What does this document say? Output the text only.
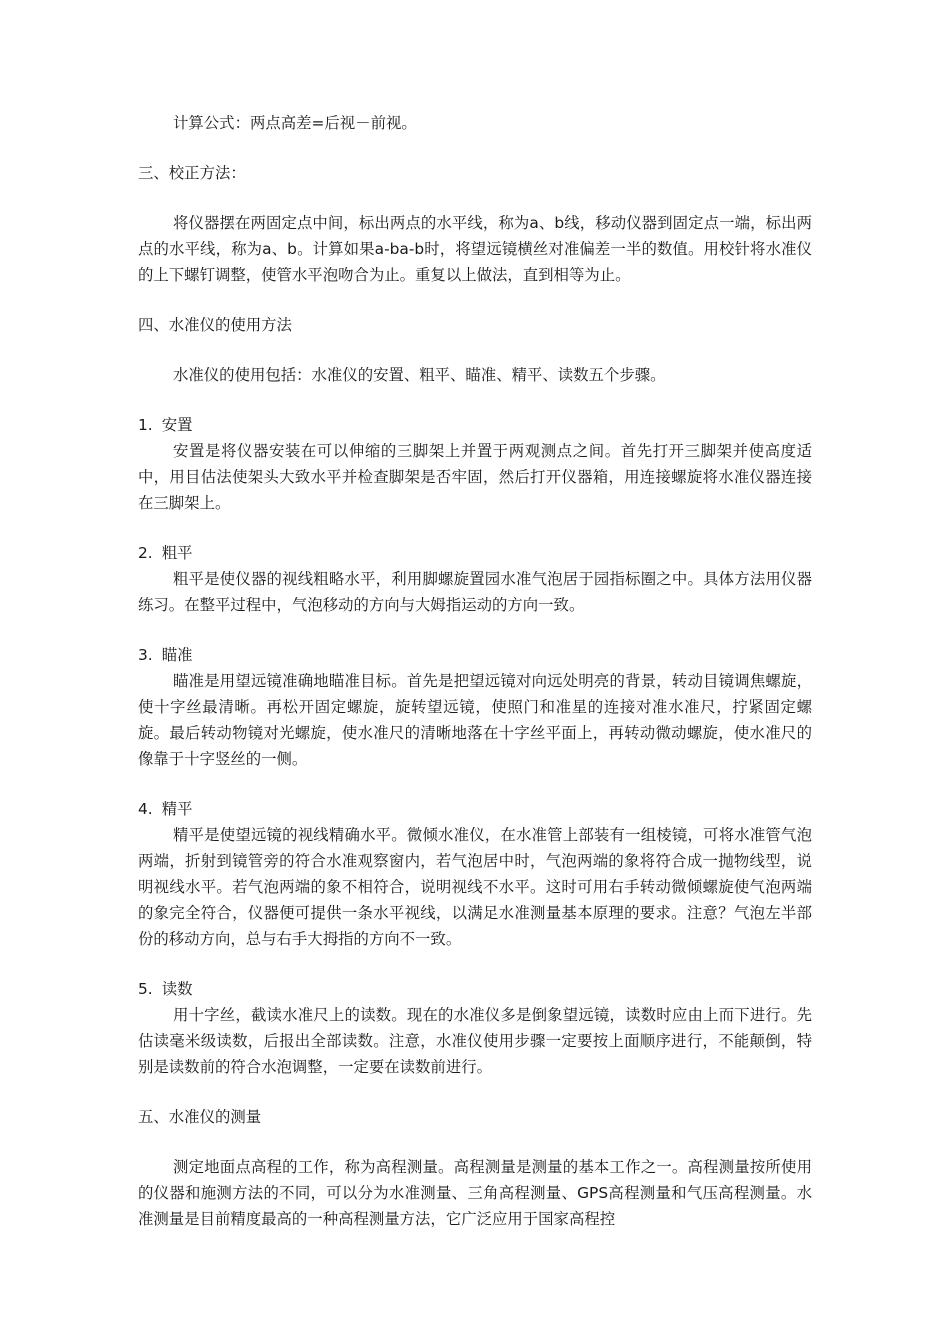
计算公式：两点高差=后视－前视。

三、校正方法：

将仪器摆在两固定点中间，标出两点的水平线，称为a、b线，移动仪器到固定点一端，标出两点的水平线，称为a、b。计算如果a-ba-b时，将望远镜横丝对准偏差一半的数值。用校针将水准仪的上下螺钉调整，使管水平泡吻合为止。重复以上做法，直到相等为止。

四、水准仪的使用方法

水准仪的使用包括：水准仪的安置、粗平、瞄准、精平、读数五个步骤。

1. 安置

安置是将仪器安装在可以伸缩的三脚架上并置于两观测点之间。首先打开三脚架并使高度适中，用目估法使架头大致水平并检查脚架是否牢固，然后打开仪器箱，用连接螺旋将水准仪器连接在三脚架上。

2. 粗平

粗平是使仪器的视线粗略水平，利用脚螺旋置园水准气泡居于园指标圈之中。具体方法用仪器练习。在整平过程中，气泡移动的方向与大姆指运动的方向一致。

3. 瞄准

瞄准是用望远镜准确地瞄准目标。首先是把望远镜对向远处明亮的背景，转动目镜调焦螺旋，使十字丝最清晰。再松开固定螺旋，旋转望远镜，使照门和准星的连接对准水准尺，拧紧固定螺旋。最后转动物镜对光螺旋，使水准尺的清晰地落在十字丝平面上，再转动微动螺旋，使水准尺的像靠于十字竖丝的一侧。

4. 精平

精平是使望远镜的视线精确水平。微倾水准仪，在水准管上部装有一组棱镜，可将水准管气泡两端，折射到镜管旁的符合水准观察窗内，若气泡居中时，气泡两端的象将符合成一抛物线型，说明视线水平。若气泡两端的象不相符合，说明视线不水平。这时可用右手转动微倾螺旋使气泡两端的象完全符合，仪器便可提供一条水平视线，以满足水准测量基本原理的要求。注意？气泡左半部份的移动方向，总与右手大拇指的方向不一致。

5. 读数

用十字丝，截读水准尺上的读数。现在的水准仪多是倒象望远镜，读数时应由上而下进行。先估读毫米级读数，后报出全部读数。注意，水准仪使用步骤一定要按上面顺序进行，不能颠倒，特别是读数前的符合水泡调整，一定要在读数前进行。

五、水准仪的测量

测定地面点高程的工作，称为高程测量。高程测量是测量的基本工作之一。高程测量按所使用的仪器和施测方法的不同，可以分为水准测量、三角高程测量、GPS高程测量和气压高程测量。水准测量是目前精度最高的一种高程测量方法，它广泛应用于国家高程控
